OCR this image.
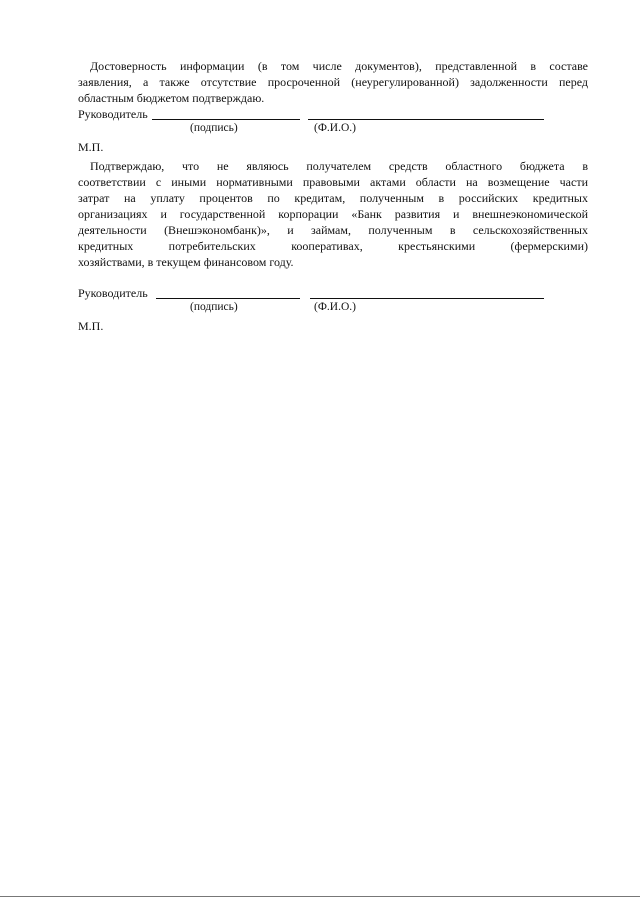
Достоверность информации (в том числе документов), представленной в составе
заявления, а также отсутствие просроченной (неурегулированной) задолженности перед
областным бюджетом подтверждаю.
Руководитель
(подпись)	(Ф.И.О.)
М.П.
Подтверждаю, что не являюсь получателем средств областного бюджета в
соответствии с иными нормативными правовыми актами области на возмещение части
затрат на уплату процентов по кредитам, полученным в российских кредитных
организациях и государственной корпорации «Банк развития и внешнеэкономической
деятельности (Внешэкономбанк)», и займам, полученным в сельскохозяйственных
кредитных потребительских кооперативах, крестьянскими (фермерскими)
хозяйствами, в текущем финансовом году.
Руководитель
(подпись)	(Ф.И.О.)
М.П.
